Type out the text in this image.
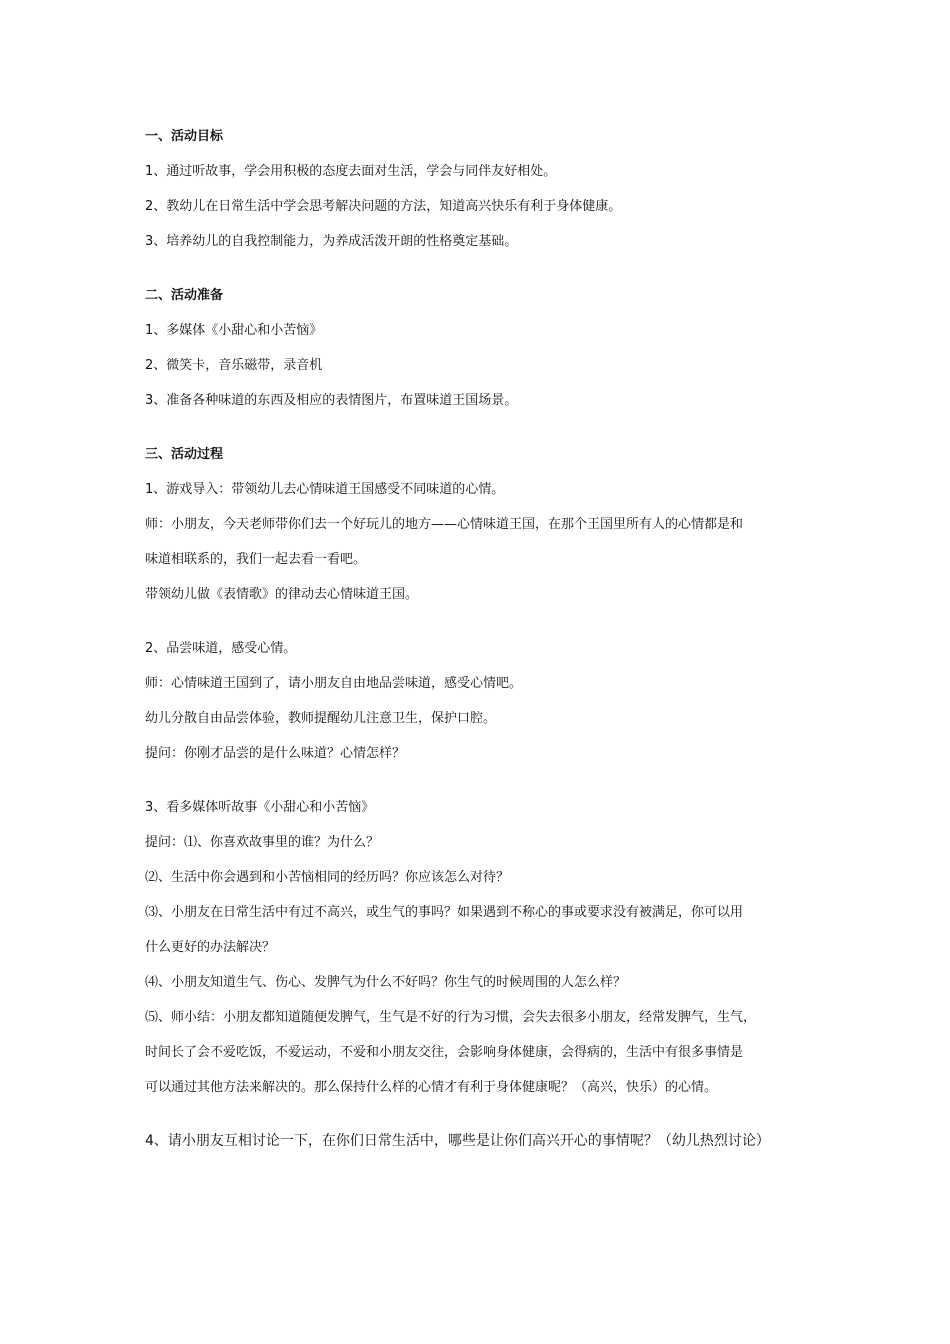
一、活动目标
1、通过听故事，学会用积极的态度去面对生活，学会与同伴友好相处。
2、教幼儿在日常生活中学会思考解决问题的方法，知道高兴快乐有利于身体健康。
3、培养幼儿的自我控制能力，为养成活泼开朗的性格奠定基础。
二、活动准备
1、多媒体《小甜心和小苦恼》
2、微笑卡，音乐磁带，录音机
3、准备各种味道的东西及相应的表情图片，布置味道王国场景。
三、活动过程
1、游戏导入：带领幼儿去心情味道王国感受不同味道的心情。
师：小朋友，今天老师带你们去一个好玩儿的地方——心情味道王国，在那个王国里所有人的心情都是和
味道相联系的，我们一起去看一看吧。
带领幼儿做《表情歌》的律动去心情味道王国。
2、品尝味道，感受心情。
师：心情味道王国到了，请小朋友自由地品尝味道，感受心情吧。
幼儿分散自由品尝体验，教师提醒幼儿注意卫生，保护口腔。
提问：你刚才品尝的是什么味道？心情怎样？
3、看多媒体听故事《小甜心和小苦恼》
提问：⑴、你喜欢故事里的谁？为什么？
⑵、生活中你会遇到和小苦恼相同的经历吗？你应该怎么对待？
⑶、小朋友在日常生活中有过不高兴，或生气的事吗？如果遇到不称心的事或要求没有被满足，你可以用
什么更好的办法解决？
⑷、小朋友知道生气、伤心、发脾气为什么不好吗？你生气的时候周围的人怎么样？
⑸、师小结：小朋友都知道随便发脾气，生气是不好的行为习惯，会失去很多小朋友，经常发脾气，生气，
时间长了会不爱吃饭，不爱运动，不爱和小朋友交往，会影响身体健康，会得病的，生活中有很多事情是
可以通过其他方法来解决的。那么保持什么样的心情才有利于身体健康呢？（高兴，快乐）的心情。
4、请小朋友互相讨论一下，在你们日常生活中，哪些是让你们高兴开心的事情呢？（幼儿热烈讨论）
